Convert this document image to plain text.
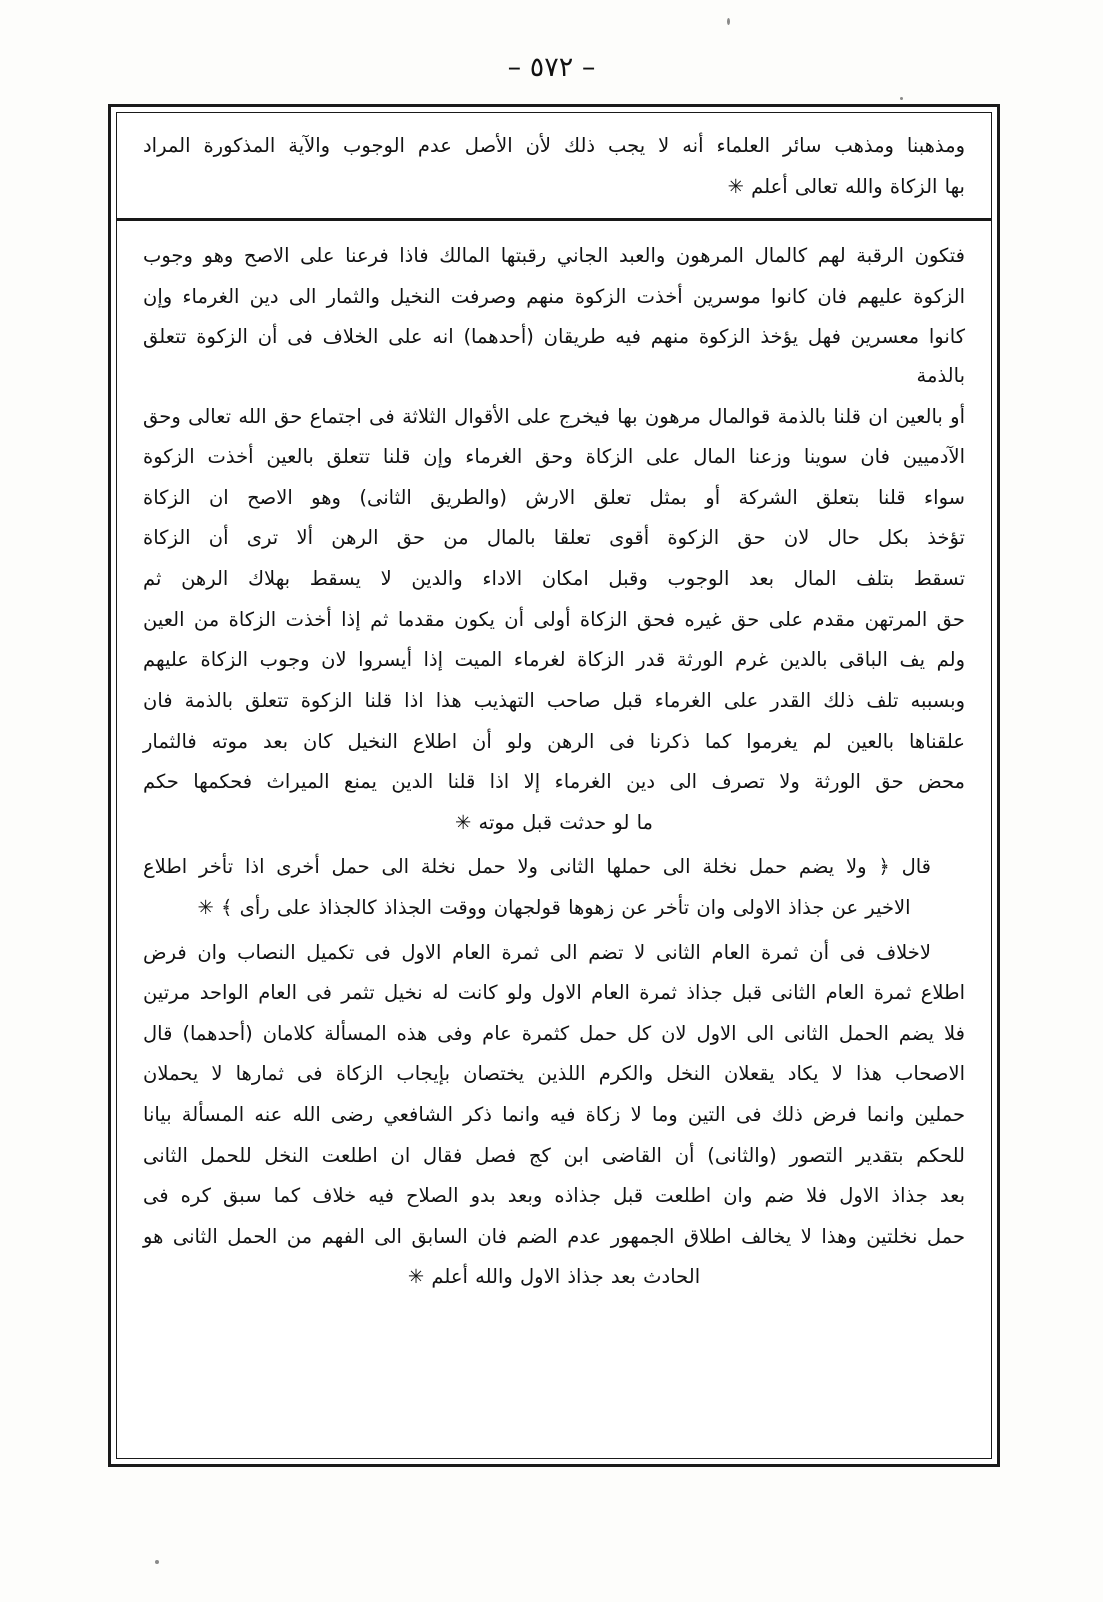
– ٥٧٢ –

ومذهبنا ومذهب سائر العلماء أنه لا يجب ذلك لأن الأصل عدم الوجوب والآية المذكورة المراد

بها الزكاة والله تعالى أعلم ✳

فتكون الرقبة لهم كالمال المرهون والعبد الجاني رقبتها المالك فاذا فرعنا على الاصح وهو وجوب

الزكوة عليهم فان كانوا موسرين أخذت الزكوة منهم وصرفت النخيل والثمار الى دين الغرماء وإن

كانوا معسرين فهل يؤخذ الزكوة منهم فيه طريقان (أحدهما) انه على الخلاف فى أن الزكوة تتعلق بالذمة

أو بالعين ان قلنا بالذمة قوالمال مرهون بها فيخرج على الأقوال الثلاثة فى اجتماع حق الله تعالى وحق

الآدميين فان سوينا وزعنا المال على الزكاة وحق الغرماء وإن قلنا تتعلق بالعين أخذت الزكوة

سواء قلنا بتعلق الشركة أو بمثل تعلق الارش (والطريق الثانى) وهو الاصح ان الزكاة

تؤخذ بكل حال لان حق الزكوة أقوى تعلقا بالمال من حق الرهن ألا ترى أن الزكاة

تسقط بتلف المال بعد الوجوب وقبل امكان الاداء والدين لا يسقط بهلاك الرهن ثم

حق المرتهن مقدم على حق غيره فحق الزكاة أولى أن يكون مقدما ثم إذا أخذت الزكاة من العين

ولم يف الباقى بالدين غرم الورثة قدر الزكاة لغرماء الميت إذا أيسروا لان وجوب الزكاة عليهم

وبسببه تلف ذلك القدر على الغرماء قبل صاحب التهذيب هذا اذا قلنا الزكوة تتعلق بالذمة فان

علقناها بالعين لم يغرموا كما ذكرنا فى الرهن ولو أن اطلاع النخيل كان بعد موته فالثمار

محض حق الورثة ولا تصرف الى دين الغرماء إلا اذا قلنا الدين يمنع الميراث فحكمها حكم

ما لو حدثت قبل موته ✳

قال ﴿ ولا يضم حمل نخلة الى حملها الثانى ولا حمل نخلة الى حمل أخرى اذا تأخر اطلاع

الاخير عن جذاذ الاولى وان تأخر عن زهوها قولجهان ووقت الجذاذ كالجذاذ على رأى ﴾ ✳

لاخلاف فى أن ثمرة العام الثانى لا تضم الى ثمرة العام الاول فى تكميل النصاب وان فرض

اطلاع ثمرة العام الثانى قبل جذاذ ثمرة العام الاول ولو كانت له نخيل تثمر فى العام الواحد مرتين

فلا يضم الحمل الثانى الى الاول لان كل حمل كثمرة عام وفى هذه المسألة كلامان (أحدهما) قال

الاصحاب هذا لا يكاد يقعلان النخل والكرم اللذين يختصان بإيجاب الزكاة فى ثمارها لا يحملان

حملين وانما فرض ذلك فى التين وما لا زكاة فيه وانما ذكر الشافعي رضى الله عنه المسألة بيانا

للحكم بتقدير التصور (والثانى) أن القاضى ابن كج فصل فقال ان اطلعت النخل للحمل الثانى

بعد جذاذ الاول فلا ضم وان اطلعت قبل جذاذه وبعد بدو الصلاح فيه خلاف كما سبق كره فى

حمل نخلتين وهذا لا يخالف اطلاق الجمهور عدم الضم فان السابق الى الفهم من الحمل الثانى هو

الحادث بعد جذاذ الاول والله أعلم ✳
